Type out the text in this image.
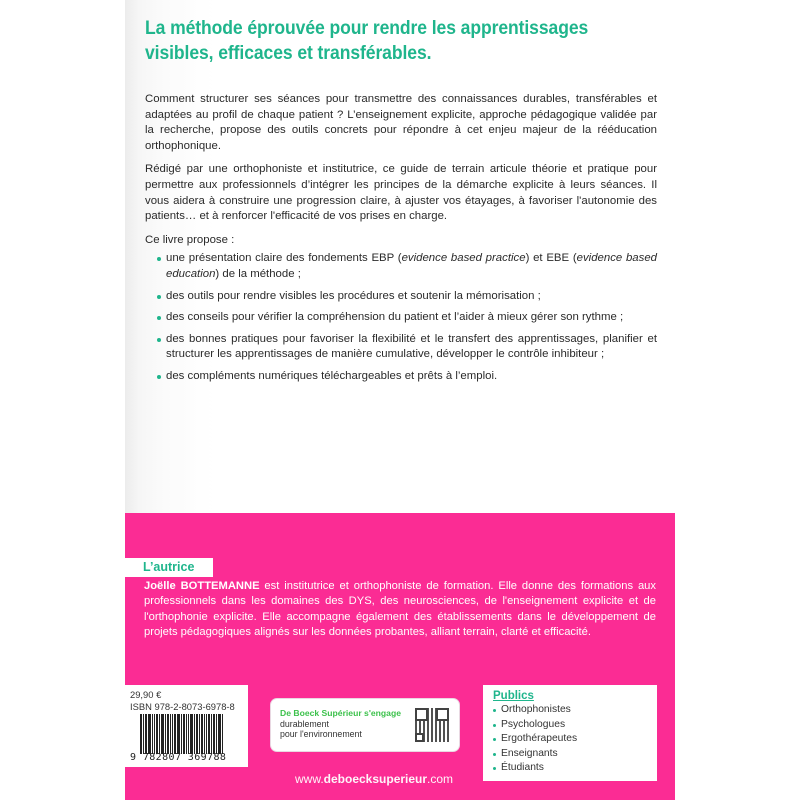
La méthode éprouvée pour rendre les apprentissages
visibles, efficaces et transférables.

Comment structurer ses séances pour transmettre des connaissances durables, transférables et adaptées au profil de chaque patient ? L’enseignement explicite, approche pédagogique validée par la recherche, propose des outils concrets pour répondre à cet enjeu majeur de la rééducation orthophonique.

Rédigé par une orthophoniste et institutrice, ce guide de terrain articule théorie et pratique pour permettre aux professionnels d’intégrer les principes de la démarche explicite à leurs séances. Il vous aidera à construire une progression claire, à ajuster vos étayages, à favoriser l'autonomie des patients… et à renforcer l'efficacité de vos prises en charge.

Ce livre propose :

une présentation claire des fondements EBP (evidence based practice) et EBE (evidence based education) de la méthode ;
des outils pour rendre visibles les procédures et soutenir la mémorisation ;
des conseils pour vérifier la compréhension du patient et l’aider à mieux gérer son rythme ;
des bonnes pratiques pour favoriser la flexibilité et le transfert des apprentissages, planifier et structurer les apprentissages de manière cumulative, développer le contrôle inhibiteur ;
des compléments numériques téléchargeables et prêts à l’emploi.
L’autrice
Joëlle BOTTEMANNE est institutrice et orthophoniste de formation. Elle donne des formations aux professionnels dans les domaines des DYS, des neurosciences, de l'enseignement explicite et de l'orthophonie explicite. Elle accompagne également des établissements dans le développement de projets pédagogiques alignés sur les données probantes, alliant terrain, clarté et efficacité.
29,90 €
ISBN 978-2-8073-6978-8
9 782807 369788
De Boeck Supérieur s'engage
durablement
pour l'environnement
www.deboecksuperieur.com
Publics
Orthophonistes
Psychologues
Ergothérapeutes
Enseignants
Étudiants
